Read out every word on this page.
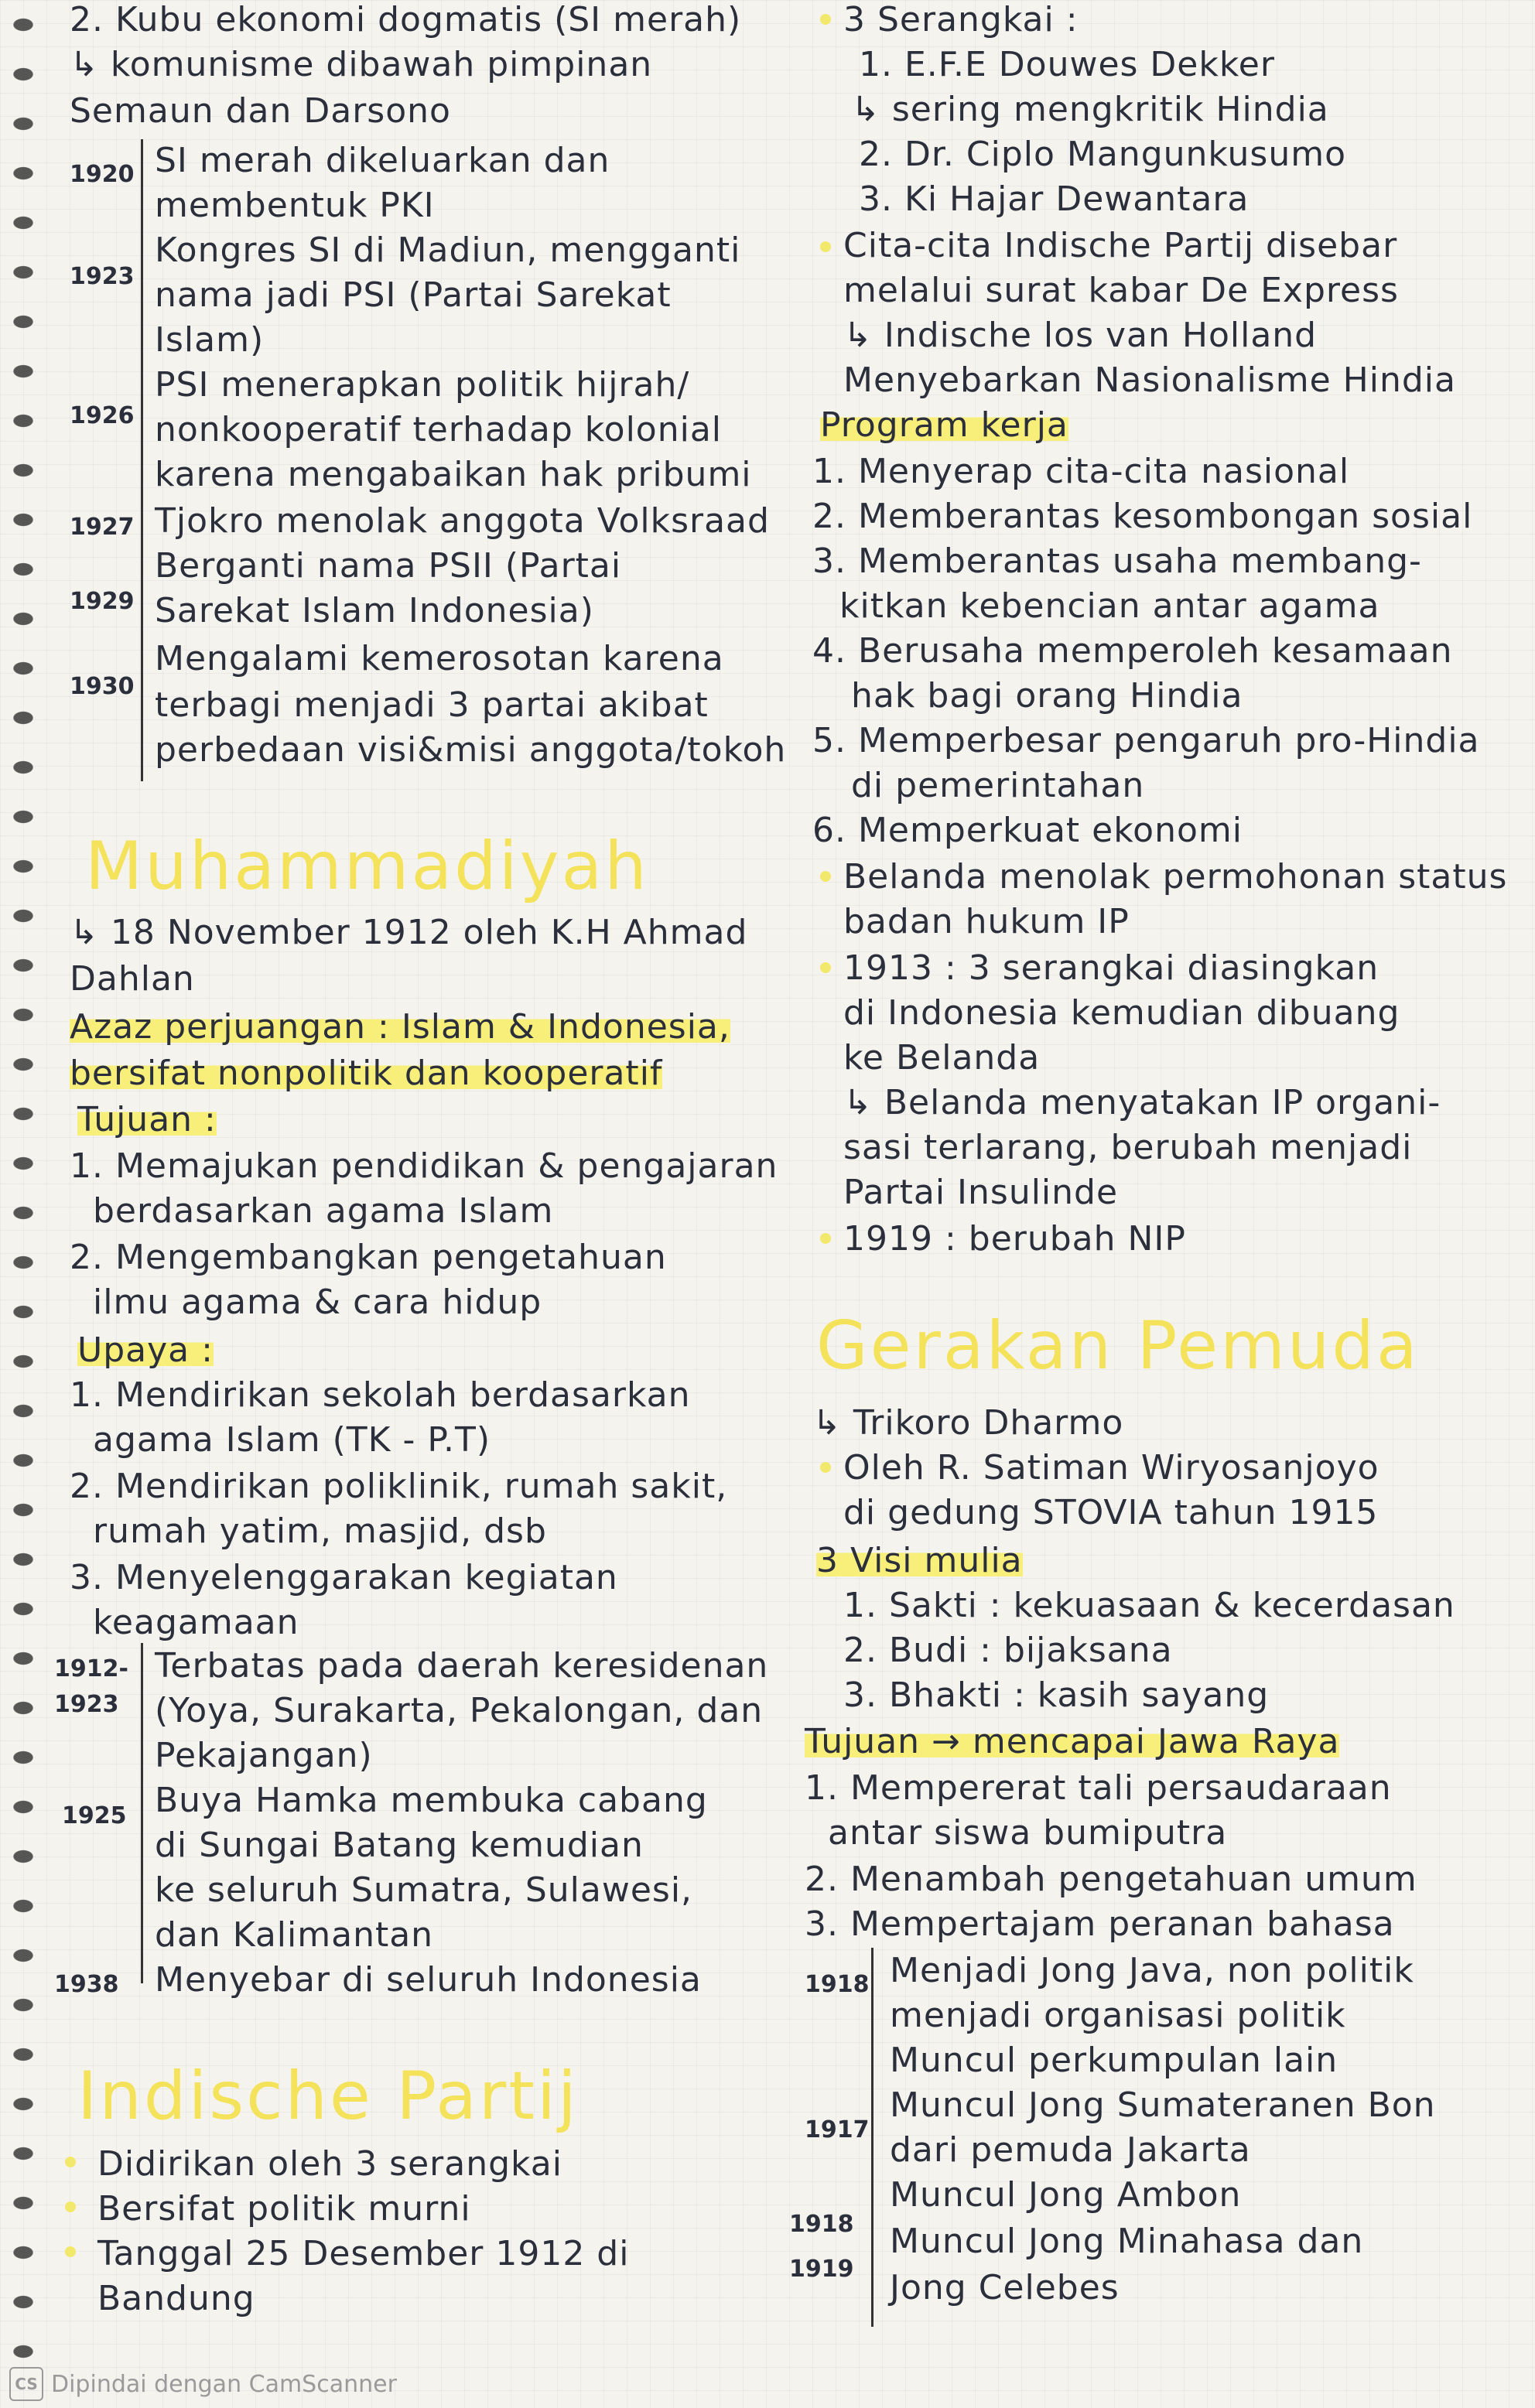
2. Kubu ekonomi dogmatis (SI merah)
↳ komunisme dibawah pimpinan
Semaun dan Darsono
1920 SI merah dikeluarkan dan
membentuk PKI
1923
Kongres SI di Madiun, mengganti
nama jadi PSI (Partai Sarekat
Islam)
1926
PSI menerapkan politik hijrah/
nonkooperatif terhadap kolonial
karena mengabaikan hak pribumi
1927 Tjokro menolak anggota Volksraad
1929
Berganti nama PSII (Partai
Sarekat Islam Indonesia)
1930
Mengalami kemerosotan karena
terbagi menjadi 3 partai akibat
perbedaan visi&misi anggota/tokoh
Muhammadiyah
↳ 18 November 1912 oleh K.H Ahmad
Dahlan
Azaz perjuangan : Islam & Indonesia,
bersifat nonpolitik dan kooperatif
Tujuan :
1. Memajukan pendidikan & pengajaran
berdasarkan agama Islam
2. Mengembangkan pengetahuan
ilmu agama & cara hidup
Upaya :
1. Mendirikan sekolah berdasarkan
agama Islam (TK - P.T)
2. Mendirikan poliklinik, rumah sakit,
rumah yatim, masjid, dsb
3. Menyelenggarakan kegiatan
keagamaan
1912-
1923
Terbatas pada daerah keresidenan
(Yoya, Surakarta, Pekalongan, dan
Pekajangan)
1925 Buya Hamka membuka cabang
di Sungai Batang kemudian
ke seluruh Sumatra, Sulawesi,
dan Kalimantan
1938 Menyebar di seluruh Indonesia
Indische Partij
Didirikan oleh 3 serangkai
Bersifat politik murni
Tanggal 25 Desember 1912 di
Bandung
3 Serangkai :
1. E.F.E Douwes Dekker
↳ sering mengkritik Hindia
2. Dr. Ciplo Mangunkusumo
3. Ki Hajar Dewantara
Cita-cita Indische Partij disebar
melalui surat kabar De Express
↳ Indische los van Holland
Menyebarkan Nasionalisme Hindia
Program kerja
1. Menyerap cita-cita nasional
2. Memberantas kesombongan sosial
3. Memberantas usaha membang-
kitkan kebencian antar agama
4. Berusaha memperoleh kesamaan
hak bagi orang Hindia
5. Memperbesar pengaruh pro-Hindia
di pemerintahan
6. Memperkuat ekonomi
Belanda menolak permohonan status
badan hukum IP
1913 : 3 serangkai diasingkan
di Indonesia kemudian dibuang
ke Belanda
↳ Belanda menyatakan IP organi-
sasi terlarang, berubah menjadi
Partai Insulinde
1919 : berubah NIP
Gerakan Pemuda
↳ Trikoro Dharmo
Oleh R. Satiman Wiryosanjoyo
di gedung STOVIA tahun 1915
3 Visi mulia
1. Sakti : kekuasaan & kecerdasan
2. Budi : bijaksana
3. Bhakti : kasih sayang
Tujuan → mencapai Jawa Raya
1. Mempererat tali persaudaraan
antar siswa bumiputra
2. Menambah pengetahuan umum
3. Mempertajam peranan bahasa
1918 Menjadi Jong Java, non politik
menjadi organisasi politik
Muncul perkumpulan lain
1917
Muncul Jong Sumateranen Bon
dari pemuda Jakarta
1918
Muncul Jong Ambon
1919
Muncul Jong Minahasa dan
Jong Celebes
CS Dipindai dengan CamScanner
